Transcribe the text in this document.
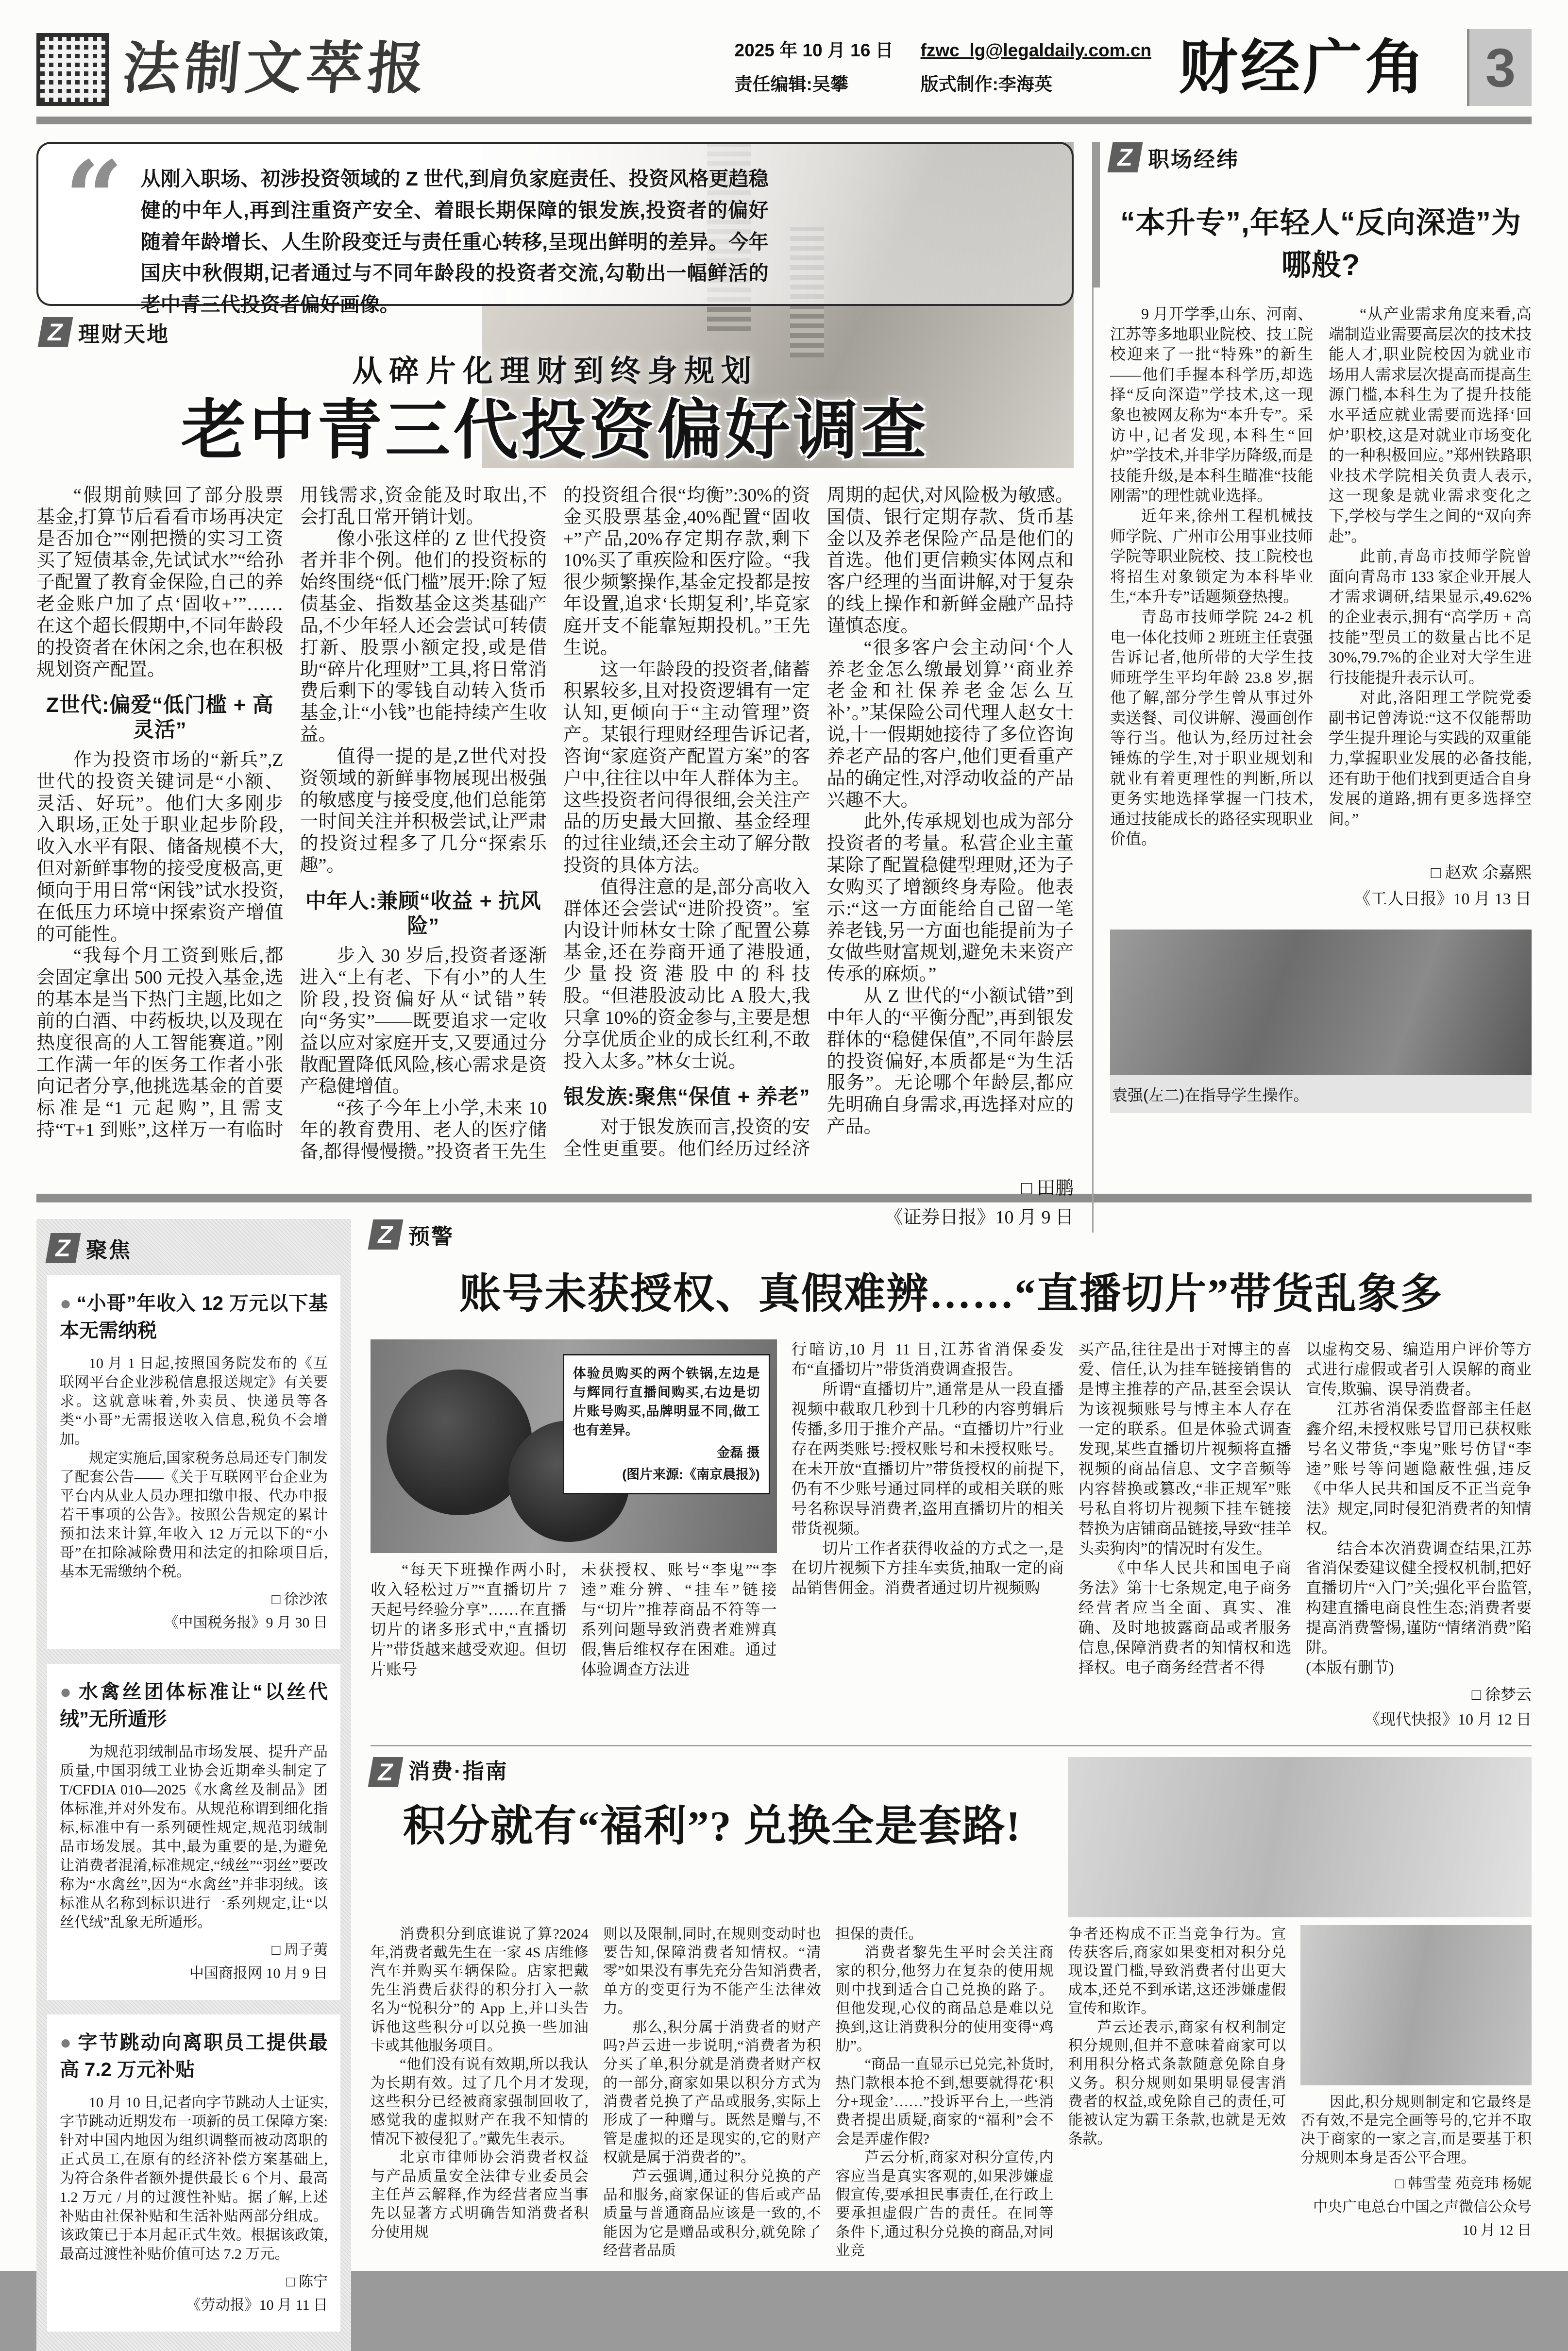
法制文萃报	2025 年 10 月 16 日
责任编辑:吴攀
fzwc_lg@legaldaily.com.cn
版式制作:李海英	财经广角	3
“ 从刚入职场、初涉投资领域的 Z 世代,到肩负家庭责任、投资风格更趋稳健的中年人,再到注重资产安全、着眼长期保障的银发族,投资者的偏好随着年龄增长、人生阶段变迁与责任重心转移,呈现出鲜明的差异。今年国庆中秋假期,记者通过与不同年龄段的投资者交流,勾勒出一幅鲜活的老中青三代投资者偏好画像。
Z 理财天地
从碎片化理财到终身规划
老中青三代投资偏好调查

“假期前赎回了部分股票基金,打算节后看看市场再决定是否加仓”“刚把攒的实习工资买了短债基金,先试试水”“给孙子配置了教育金保险,自己的养老金账户加了点‘固收+’”……在这个超长假期中,不同年龄段的投资者在休闲之余,也在积极规划资产配置。

Z世代:偏爱“低门槛 + 高灵活”

作为投资市场的“新兵”,Z世代的投资关键词是“小额、灵活、好玩”。他们大多刚步入职场,正处于职业起步阶段,收入水平有限、储备规模不大,但对新鲜事物的接受度极高,更倾向于用日常“闲钱”试水投资,在低压力环境中探索资产增值的可能性。

“我每个月工资到账后,都会固定拿出 500 元投入基金,选的基本是当下热门主题,比如之前的白酒、中药板块,以及现在热度很高的人工智能赛道。”刚工作满一年的医务工作者小张向记者分享,他挑选基金的首要标准是“1 元起购”,且需支持“T+1 到账”,这样万一有临时用钱需求,资金能及时取出,不会打乱日常开销计划。

像小张这样的 Z 世代投资者并非个例。他们的投资标的始终围绕“低门槛”展开:除了短债基金、指数基金这类基础产品,不少年轻人还会尝试可转债打新、股票小额定投,或是借助“碎片化理财”工具,将日常消费后剩下的零钱自动转入货币基金,让“小钱”也能持续产生收益。

值得一提的是,Z世代对投资领域的新鲜事物展现出极强的敏感度与接受度,他们总能第一时间关注并积极尝试,让严肃的投资过程多了几分“探索乐趣”。

中年人:兼顾“收益 + 抗风险”

步入 30 岁后,投资者逐渐进入“上有老、下有小”的人生阶段,投资偏好从“试错”转向“务实”——既要追求一定收益以应对家庭开支,又要通过分散配置降低风险,核心需求是资产稳健增值。

“孩子今年上小学,未来 10 年的教育费用、老人的医疗储备,都得慢慢攒。”投资者王先生的投资组合很“均衡”:30%的资金买股票基金,40%配置“固收 +”产品,20%存定期存款,剩下 10%买了重疾险和医疗险。“我很少频繁操作,基金定投都是按年设置,追求‘长期复利’,毕竟家庭开支不能靠短期投机。”王先生说。

这一年龄段的投资者,储蓄积累较多,且对投资逻辑有一定认知,更倾向于“主动管理”资产。某银行理财经理告诉记者,咨询“家庭资产配置方案”的客户中,往往以中年人群体为主。这些投资者问得很细,会关注产品的历史最大回撤、基金经理的过往业绩,还会主动了解分散投资的具体方法。

值得注意的是,部分高收入群体还会尝试“进阶投资”。室内设计师林女士除了配置公募基金,还在券商开通了港股通,少量投资港股中的科技股。“但港股波动比 A 股大,我只拿 10%的资金参与,主要是想分享优质企业的成长红利,不敢投入太多。”林女士说。

银发族:聚焦“保值 + 养老”

对于银发族而言,投资的安全性更重要。他们经历过经济周期的起伏,对风险极为敏感。国债、银行定期存款、货币基金以及养老保险产品是他们的首选。他们更信赖实体网点和客户经理的当面讲解,对于复杂的线上操作和新鲜金融产品持谨慎态度。

“很多客户会主动问‘个人养老金怎么缴最划算’‘商业养老金和社保养老金怎么互补’。”某保险公司代理人赵女士说,十一假期她接待了多位咨询养老产品的客户,他们更看重产品的确定性,对浮动收益的产品兴趣不大。

此外,传承规划也成为部分投资者的考量。私营企业主董某除了配置稳健型理财,还为子女购买了增额终身寿险。他表示:“这一方面能给自己留一笔养老钱,另一方面也能提前为子女做些财富规划,避免未来资产传承的麻烦。”

从 Z 世代的“小额试错”到中年人的“平衡分配”,再到银发群体的“稳健保值”,不同年龄层的投资偏好,本质都是“为生活服务”。无论哪个年龄层,都应先明确自身需求,再选择对应的产品。

□ 田鹏
《证券日报》10 月 9 日
Z 职场经纬
“本升专”,年轻人“反向深造”为哪般?

9 月开学季,山东、河南、江苏等多地职业院校、技工院校迎来了一批“特殊”的新生——他们手握本科学历,却选择“反向深造”学技术,这一现象也被网友称为“本升专”。采访中,记者发现,本科生“回炉”学技术,并非学历降级,而是技能升级,是本科生瞄准“技能刚需”的理性就业选择。

近年来,徐州工程机械技师学院、广州市公用事业技师学院等职业院校、技工院校也将招生对象锁定为本科毕业生,“本升专”话题频登热搜。

青岛市技师学院 24-2 机电一体化技师 2 班班主任袁强告诉记者,他所带的大学生技师班学生平均年龄 23.8 岁,据他了解,部分学生曾从事过外卖送餐、司仪讲解、漫画创作等行当。他认为,经历过社会锤炼的学生,对于职业规划和就业有着更理性的判断,所以更务实地选择掌握一门技术,通过技能成长的路径实现职业价值。

“从产业需求角度来看,高端制造业需要高层次的技术技能人才,职业院校因为就业市场用人需求层次提高而提高生源门槛,本科生为了提升技能水平适应就业需要而选择‘回炉’职校,这是对就业市场变化的一种积极回应。”郑州铁路职业技术学院相关负责人表示,这一现象是就业需求变化之下,学校与学生之间的“双向奔赴”。

此前,青岛市技师学院曾面向青岛市 133 家企业开展人才需求调研,结果显示,49.62%的企业表示,拥有“高学历 + 高技能”型员工的数量占比不足 30%,79.7%的企业对大学生进行技能提升表示认可。

对此,洛阳理工学院党委副书记曾涛说:“这不仅能帮助学生提升理论与实践的双重能力,掌握职业发展的必备技能,还有助于他们找到更适合自身发展的道路,拥有更多选择空间。”

□ 赵欢 余嘉熙
《工人日报》10 月 13 日
袁强(左二)在指导学生操作。
Z 聚焦
● “小哥”年收入 12 万元以下基本无需纳税

10 月 1 日起,按照国务院发布的《互联网平台企业涉税信息报送规定》有关要求。这就意味着,外卖员、快递员等各类“小哥”无需报送收入信息,税负不会增加。

规定实施后,国家税务总局还专门制发了配套公告——《关于互联网平台企业为平台内从业人员办理扣缴申报、代办申报若干事项的公告》。按照公告规定的累计预扣法来计算,年收入 12 万元以下的“小哥”在扣除减除费用和法定的扣除项目后,基本无需缴纳个税。

□ 徐沙浓
《中国税务报》9 月 30 日
● 水禽丝团体标准让“以丝代绒”无所遁形

为规范羽绒制品市场发展、提升产品质量,中国羽绒工业协会近期牵头制定了 T/CFDIA 010—2025《水禽丝及制品》团体标准,并对外发布。从规范称谓到细化指标,标准中有一系列硬性规定,规范羽绒制品市场发展。其中,最为重要的是,为避免让消费者混淆,标准规定,“绒丝”“羽丝”要改称为“水禽丝”,因为“水禽丝”并非羽绒。该标准从名称到标识进行一系列规定,让“以丝代绒”乱象无所遁形。

□ 周子荑
中国商报网 10 月 9 日
● 字节跳动向离职员工提供最高 7.2 万元补贴

10 月 10 日,记者向字节跳动人士证实,字节跳动近期发布一项新的员工保障方案:针对中国内地因为组织调整而被动离职的正式员工,在原有的经济补偿方案基础上,为符合条件者额外提供最长 6 个月、最高 1.2 万元 / 月的过渡性补贴。据了解,上述补贴由社保补贴和生活补贴两部分组成。该政策已于本月起正式生效。根据该政策,最高过渡性补贴价值可达 7.2 万元。

□ 陈宁
《劳动报》10 月 11 日
Z 预警
账号未获授权、真假难辨……“直播切片”带货乱象多
体验员购买的两个铁锅,左边是与辉同行直播间购买,右边是切片账号购买,品牌明显不同,做工也有差异。
金磊 摄
(图片来源:《南京晨报》)

“每天下班操作两小时,收入轻松过万”“直播切片 7 天起号经验分享”……在直播切片的诸多形式中,“直播切片”带货越来越受欢迎。但切片账号

未获授权、账号“李鬼”“李逵”难分辨、“挂车”链接与“切片”推荐商品不符等一系列问题导致消费者难辨真假,售后维权存在困难。通过体验调查方法进

行暗访,10 月 11 日,江苏省消保委发布“直播切片”带货消费调查报告。

所谓“直播切片”,通常是从一段直播视频中截取几秒到十几秒的内容剪辑后传播,多用于推介产品。“直播切片”行业存在两类账号:授权账号和未授权账号。在未开放“直播切片”带货授权的前提下,仍有不少账号通过同样的或相关联的账号名称误导消费者,盗用直播切片的相关带货视频。

切片工作者获得收益的方式之一,是在切片视频下方挂车卖货,抽取一定的商品销售佣金。消费者通过切片视频购

买产品,往往是出于对博主的喜爱、信任,认为挂车链接销售的是博主推荐的产品,甚至会误认为该视频账号与博主本人存在一定的联系。但是体验式调查发现,某些直播切片视频将直播视频的商品信息、文字音频等内容替换或篡改,“非正规军”账号私自将切片视频下挂车链接替换为店铺商品链接,导致“挂羊头卖狗肉”的情况时有发生。

《中华人民共和国电子商务法》第十七条规定,电子商务经营者应当全面、真实、准确、及时地披露商品或者服务信息,保障消费者的知情权和选择权。电子商务经营者不得

以虚构交易、编造用户评价等方式进行虚假或者引人误解的商业宣传,欺骗、误导消费者。

江苏省消保委监督部主任赵鑫介绍,未授权账号冒用已获权账号名义带货,“李鬼”账号仿冒“李逵”账号等问题隐蔽性强,违反《中华人民共和国反不正当竞争法》规定,同时侵犯消费者的知情权。

结合本次消费调查结果,江苏省消保委建议健全授权机制,把好直播切片“入门”关;强化平台监管,构建直播电商良性生态;消费者要提高消费警惕,谨防“情绪消费”陷阱。

(本版有删节)

□ 徐梦云
《现代快报》10 月 12 日
Z 消费·指南
积分就有“福利”? 兑换全是套路!

消费积分到底谁说了算?2024 年,消费者戴先生在一家 4S 店维修汽车并购买车辆保险。店家把戴先生消费后获得的积分打入一款名为“悦积分”的 App 上,并口头告诉他这些积分可以兑换一些加油卡或其他服务项目。

“他们没有说有效期,所以我认为长期有效。过了几个月才发现,这些积分已经被商家强制回收了,感觉我的虚拟财产在我不知情的情况下被侵犯了。”戴先生表示。

北京市律师协会消费者权益与产品质量安全法律专业委员会主任芦云解释,作为经营者应当事先以显著方式明确告知消费者积分使用规

则以及限制,同时,在规则变动时也要告知,保障消费者知情权。“清零”如果没有事先充分告知消费者,单方的变更行为不能产生法律效力。

那么,积分属于消费者的财产吗?芦云进一步说明,“消费者为积分买了单,积分就是消费者财产权的一部分,商家如果以积分方式为消费者兑换了产品或服务,实际上形成了一种赠与。既然是赠与,不管是虚拟的还是现实的,它的财产权就是属于消费者的”。

芦云强调,通过积分兑换的产品和服务,商家保证的售后或产品质量与普通商品应该是一致的,不能因为它是赠品或积分,就免除了经营者品质

担保的责任。

消费者黎先生平时会关注商家的积分,他努力在复杂的使用规则中找到适合自己兑换的路子。但他发现,心仪的商品总是难以兑换到,这让消费积分的使用变得“鸡肋”。

“商品一直显示已兑完,补货时,热门款根本抢不到,想要就得花‘积分+现金’……”投诉平台上,一些消费者提出质疑,商家的“福利”会不会是弄虚作假?

芦云分析,商家对积分宣传,内容应当是真实客观的,如果涉嫌虚假宣传,要承担民事责任,在行政上要承担虚假广告的责任。在同等条件下,通过积分兑换的商品,对同业竞

争者还构成不正当竞争行为。宣传获客后,商家如果变相对积分兑现设置门槛,导致消费者付出更大成本,还兑不到承诺,这还涉嫌虚假宣传和欺诈。

芦云还表示,商家有权利制定积分规则,但并不意味着商家可以利用积分格式条款随意免除自身义务。积分规则如果明显侵害消费者的权益,或免除自己的责任,可能被认定为霸王条款,也就是无效条款。

因此,积分规则制定和它最终是否有效,不是完全画等号的,它并不取决于商家的一家之言,而是要基于积分规则本身是否公平合理。

□ 韩雪莹 苑竞玮 杨妮
中央广电总台中国之声微信公众号
10 月 12 日
